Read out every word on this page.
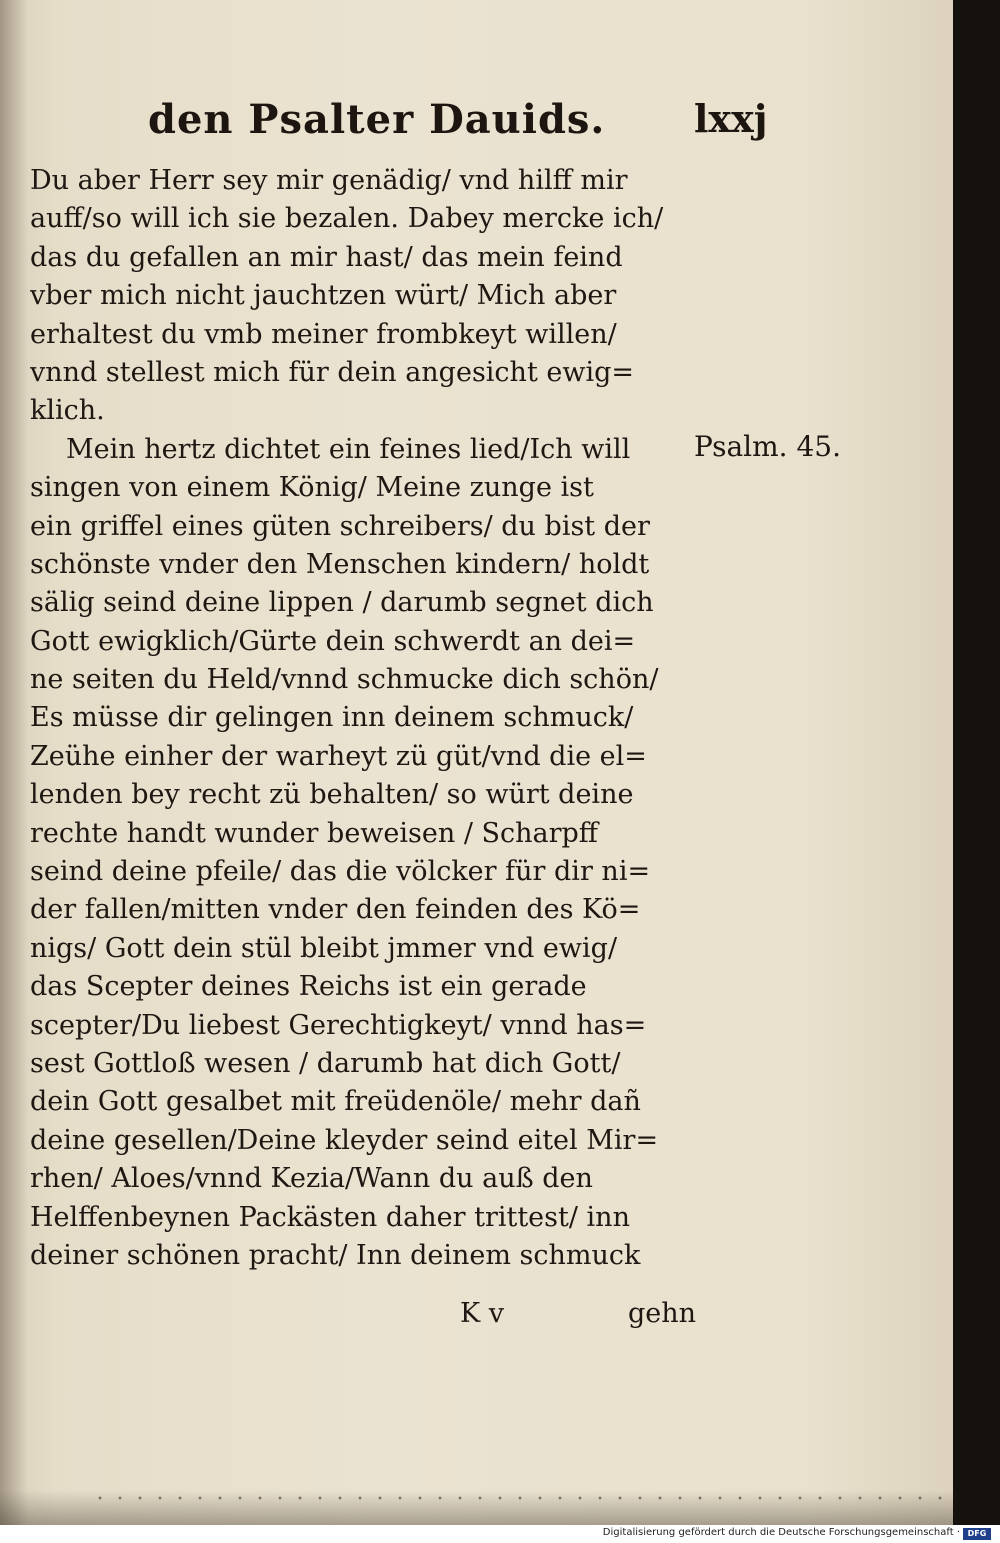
den Psalter Dauids. lxxj
Du aber Herr sey mir genädig/ vnd hilff mir
auff/so will ich sie bezalen. Dabey mercke ich/
das du gefallen an mir hast/ das mein feind
vber mich nicht jauchtzen würt/ Mich aber
erhaltest du vmb meiner frombkeyt willen/
vnnd stellest mich für dein angesicht ewig=
klich.
Mein hertz dichtet ein feines lied/Ich will
singen von einem König/ Meine zunge ist
ein griffel eines güten schreibers/ du bist der
schönste vnder den Menschen kindern/ holdt
sälig seind deine lippen / darumb segnet dich
Gott ewigklich/Gürte dein schwerdt an dei=
ne seiten du Held/vnnd schmucke dich schön/
Es müsse dir gelingen inn deinem schmuck/
Zeühe einher der warheyt zü güt/vnd die el=
lenden bey recht zü behalten/ so würt deine
rechte handt wunder beweisen / Scharpff
seind deine pfeile/ das die völcker für dir ni=
der fallen/mitten vnder den feinden des Kö=
nigs/ Gott dein stül bleibt jmmer vnd ewig/
das Scepter deines Reichs ist ein gerade
scepter/Du liebest Gerechtigkeyt/ vnnd has=
sest Gottloß wesen / darumb hat dich Gott/
dein Gott gesalbet mit freüdenöle/ mehr dañ
deine gesellen/Deine kleyder seind eitel Mir=
rhen/ Aloes/vnnd Kezia/Wann du auß den
Helffenbeynen Packästen daher trittest/ inn
deiner schönen pracht/ Inn deinem schmuck
Psalm. 45.
K v	gehn
Digitalisierung gefördert durch die Deutsche Forschungsgemeinschaft · DFG
